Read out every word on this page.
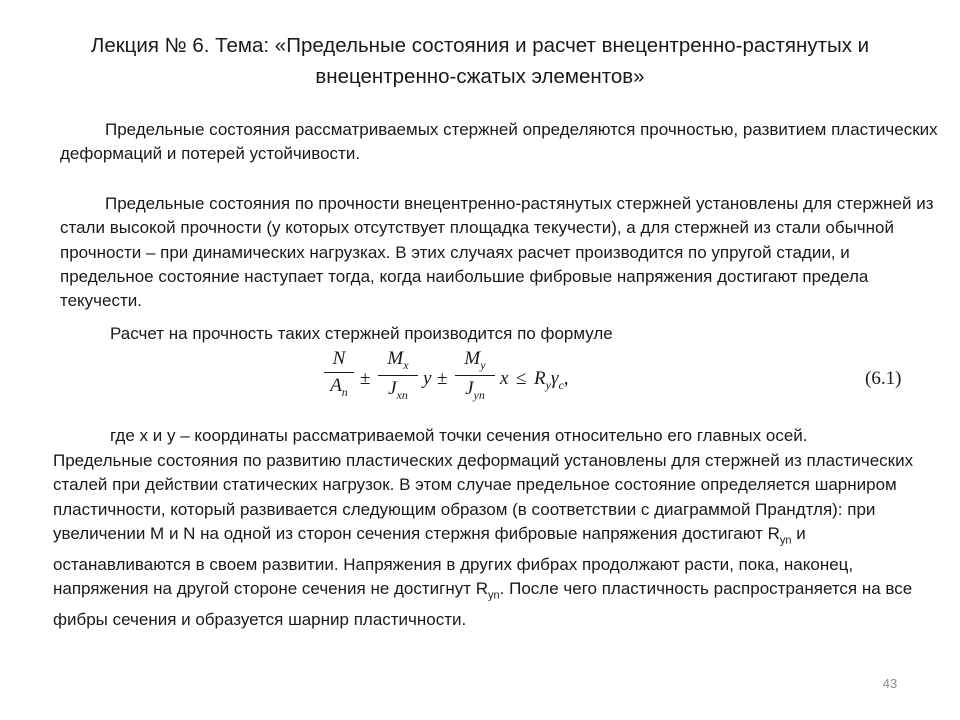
Лекция № 6. Тема: «Предельные состояния и расчет внецентренно-растянутых и внецентренно-сжатых элементов»

Предельные состояния рассматриваемых стержней определяются прочностью, развитием пластических деформаций и потерей устойчивости.

Предельные состояния по прочности внецентренно-растянутых стержней установлены для стержней из стали высокой прочности (у которых отсутствует площадка текучести), а для стержней из стали обычной прочности – при динамических нагрузках. В этих случаях расчет производится по упругой стадии, и предельное состояние наступает тогда, когда наибольшие фибровые напряжения достигают предела текучести.

Расчет на прочность таких стержней производится по формуле

$\frac{N}{A_n}$ ±
$M_x$
$J_{xn}$
y ±
$M_y$
$J_{yn}$
$x \le R_y\gamma_c$,	(6.1)

где x и y – координаты рассматриваемой точки сечения относительно его главных осей.

Предельные состояния по развитию пластических деформаций установлены для стержней из пластических сталей при действии статических нагрузок. В этом случае предельное состояние определяется шарниром пластичности, который развивается следующим образом (в соответствии с диаграммой Прандтля): при увеличении M и N на одной из сторон сечения стержня фибровые напряжения достигают $R_{yn}$ и останавливаются в своем развитии. Напряжения в других фибрах продолжают расти, пока, наконец, напряжения на другой стороне сечения не достигнут $R_{yn}$. После чего пластичность распространяется на все фибры сечения и образуется шарнир пластичности.

43
